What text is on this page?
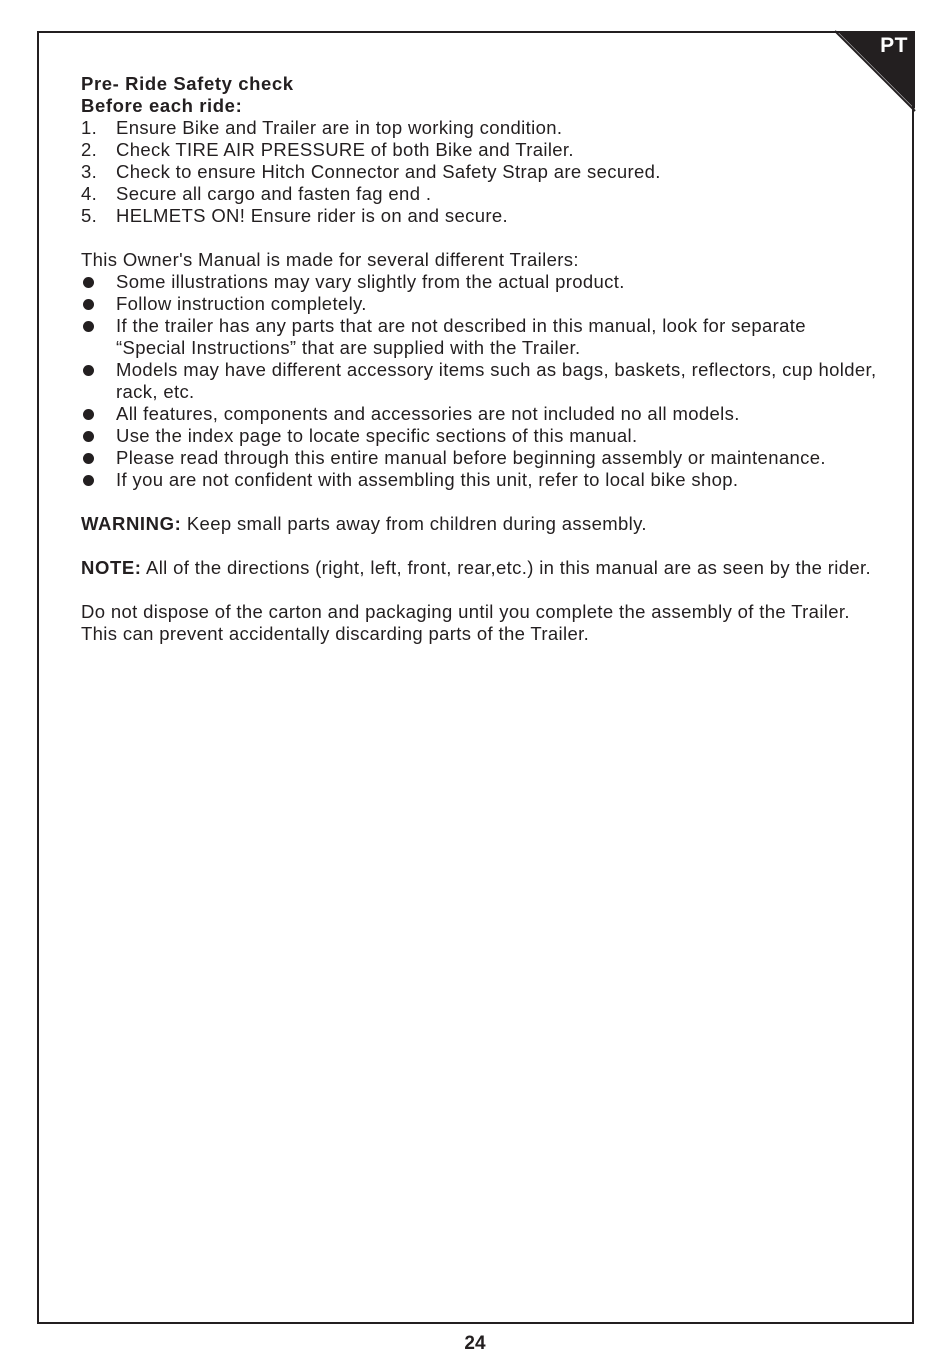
PT
Pre- Ride Safety check
Before each ride:
1. Ensure Bike and Trailer are in top working condition.
2. Check TIRE AIR PRESSURE of both Bike and Trailer.
3. Check to ensure Hitch Connector and Safety Strap are secured.
4. Secure all cargo and fasten fag end .
5. HELMETS ON! Ensure rider is on and secure.
This Owner's Manual is made for several different Trailers:
Some illustrations may vary slightly from the actual product.
Follow instruction completely.
If the trailer has any parts that are not described in this manual, look for separate “Special Instructions” that are supplied with the Trailer.
Models may have different accessory items such as bags, baskets, reflectors, cup holder, rack, etc.
All features, components and accessories are not included no all models.
Use the index page to locate specific sections of this manual.
Please read through this entire manual before beginning assembly or maintenance.
If you are not confident with assembling this unit, refer to local bike shop.
WARNING: Keep small parts away from children during assembly.
NOTE: All of the directions (right, left, front, rear,etc.) in this manual are as seen by the rider.
Do not dispose of the carton and packaging until you complete the assembly of the Trailer. This can prevent accidentally discarding parts of the Trailer.
24
